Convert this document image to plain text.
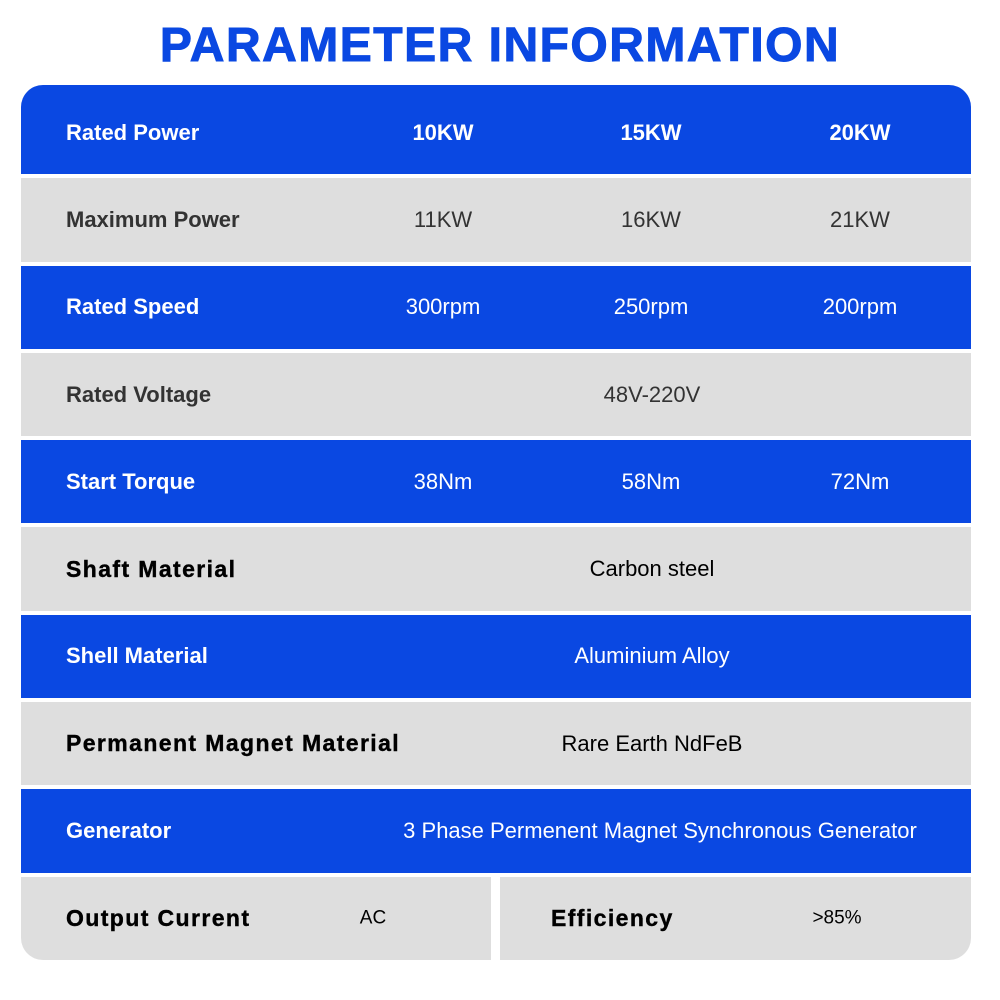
PARAMETER INFORMATION
Rated Power	10KW	15KW	20KW
Maximum Power	11KW	16KW	21KW
Rated Speed	300rpm	250rpm	200rpm
Rated Voltage	48V-220V
Start Torque	38Nm	58Nm	72Nm
Shaft Material	Carbon steel
Shell Material	Aluminium Alloy
Permanent Magnet Material	Rare Earth NdFeB
Generator	3 Phase Permenent Magnet Synchronous Generator
Output Current	AC	Efficiency	>85%
